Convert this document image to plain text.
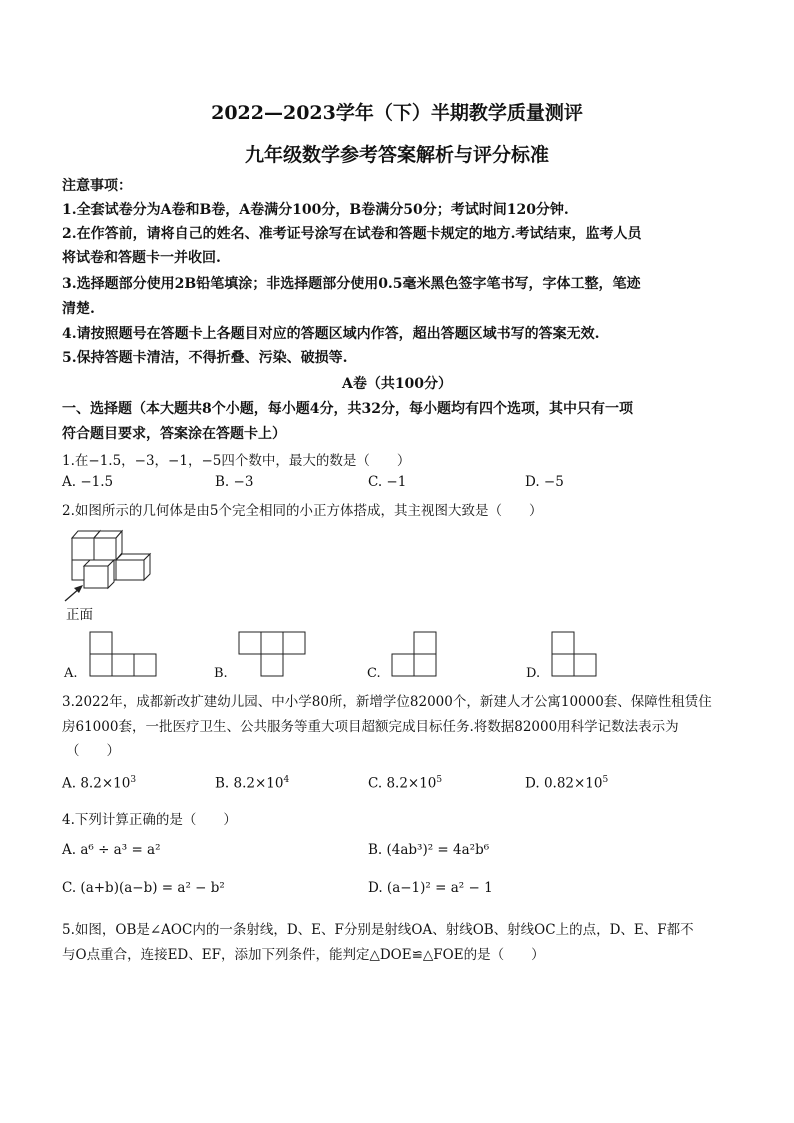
2022—2023学年（下）半期教学质量测评
九年级数学参考答案解析与评分标准
注意事项：
1.全套试卷分为A卷和B卷，A卷满分100分，B卷满分50分；考试时间120分钟.
2.在作答前，请将自己的姓名、准考证号涂写在试卷和答题卡规定的地方.考试结束，监考人员
将试卷和答题卡一并收回.
3.选择题部分使用2B铅笔填涂；非选择题部分使用0.5毫米黑色签字笔书写，字体工整，笔迹
清楚.
4.请按照题号在答题卡上各题目对应的答题区域内作答，超出答题区域书写的答案无效.
5.保持答题卡清洁，不得折叠、污染、破损等.
A卷（共100分）
一、选择题（本大题共8个小题，每小题4分，共32分，每小题均有四个选项，其中只有一项
符合题目要求，答案涂在答题卡上）
1.在−1.5，−3，−1，−5四个数中，最大的数是（　　）
A. −1.5	B. −3	C. −1	D. −5
2.如图所示的几何体是由5个完全相同的小正方体搭成，其主视图大致是（　　）
正面
A.	B.	C.	D.
3.2022年，成都新改扩建幼儿园、中小学80所，新增学位82000个，新建人才公寓10000套、保障性租赁住
房61000套，一批医疗卫生、公共服务等重大项目超额完成目标任务.将数据82000用科学记数法表示为
（　　）
A. $8.2\times 10^3$	B. $8.2\times 10^4$	C. $8.2\times 10^5$	D. $0.82\times 10^5$
4.下列计算正确的是（　　）
A. a⁶ ÷ a³ = a²	B. (4ab³)² = 4a²b⁶
C. (a+b)(a−b) = a² − b²	D. (a−1)² = a² − 1
5.如图，OB是∠AOC内的一条射线，D、E、F分别是射线OA、射线OB、射线OC上的点，D、E、F都不
与O点重合，连接ED、EF，添加下列条件，能判定△DOE≌△FOE的是（　　）
